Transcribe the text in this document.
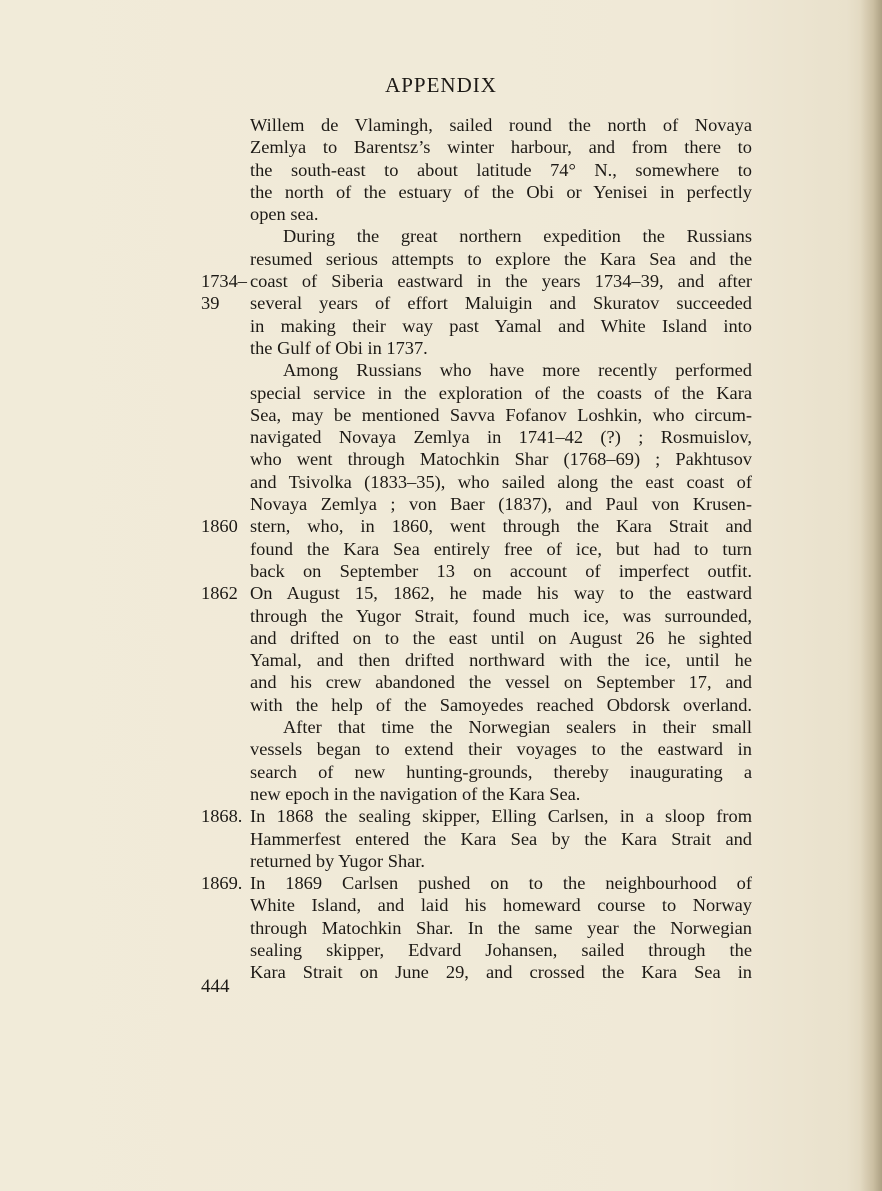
APPENDIX
Willem de Vlamingh, sailed round the north of Novaya
Zemlya to Barentsz’s winter harbour, and from there to
the south-east to about latitude 74° N., somewhere to
the north of the estuary of the Obi or Yenisei in perfectly
open sea.
During the great northern expedition the Russians
resumed serious attempts to explore the Kara Sea and the
1734– coast of Siberia eastward in the years 1734–39, and after
39 several years of effort Maluigin and Skuratov succeeded
in making their way past Yamal and White Island into
the Gulf of Obi in 1737.
Among Russians who have more recently performed
special service in the exploration of the coasts of the Kara
Sea, may be mentioned Savva Fofanov Loshkin, who circum-
navigated Novaya Zemlya in 1741–42 (?) ; Rosmuislov,
who went through Matochkin Shar (1768–69) ; Pakhtusov
and Tsivolka (1833–35), who sailed along the east coast of
Novaya Zemlya ; von Baer (1837), and Paul von Krusen-
1860 stern, who, in 1860, went through the Kara Strait and
found the Kara Sea entirely free of ice, but had to turn
back on September 13 on account of imperfect outfit.
1862 On August 15, 1862, he made his way to the eastward
through the Yugor Strait, found much ice, was surrounded,
and drifted on to the east until on August 26 he sighted
Yamal, and then drifted northward with the ice, until he
and his crew abandoned the vessel on September 17, and
with the help of the Samoyedes reached Obdorsk overland.
After that time the Norwegian sealers in their small
vessels began to extend their voyages to the eastward in
search of new hunting-grounds, thereby inaugurating a
new epoch in the navigation of the Kara Sea.
1868. In 1868 the sealing skipper, Elling Carlsen, in a sloop from
Hammerfest entered the Kara Sea by the Kara Strait and
returned by Yugor Shar.
1869. In 1869 Carlsen pushed on to the neighbourhood of
White Island, and laid his homeward course to Norway
through Matochkin Shar. In the same year the Norwegian
sealing skipper, Edvard Johansen, sailed through the
Kara Strait on June 29, and crossed the Kara Sea in
444
